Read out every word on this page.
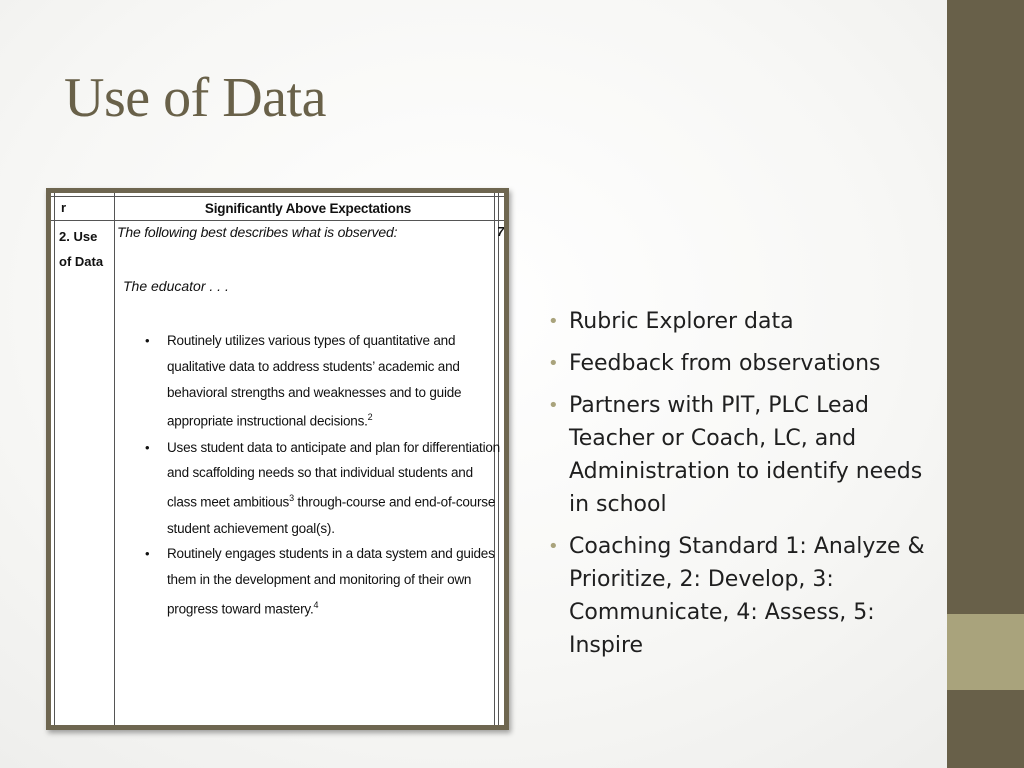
Use of Data
r	Significantly Above Expectations
2. Use
of Data
The following best describes what is observed:	7
The educator . . .
• Routinely utilizes various types of quantitative and qualitative data to address students’ academic and behavioral strengths and weaknesses and to guide appropriate instructional decisions.$^2$
• Uses student data to anticipate and plan for differentiation and scaffolding needs so that individual students and class meet ambitious$^3$ through-course and end-of-course student achievement goal(s).
• Routinely engages students in a data system and guides them in the development and monitoring of their own progress toward mastery.$^4$
• Rubric Explorer data
• Feedback from observations
• Partners with PIT, PLC Lead Teacher or Coach, LC, and Administration to identify needs in school
• Coaching Standard 1: Analyze & Prioritize, 2: Develop, 3: Communicate, 4: Assess, 5: Inspire
